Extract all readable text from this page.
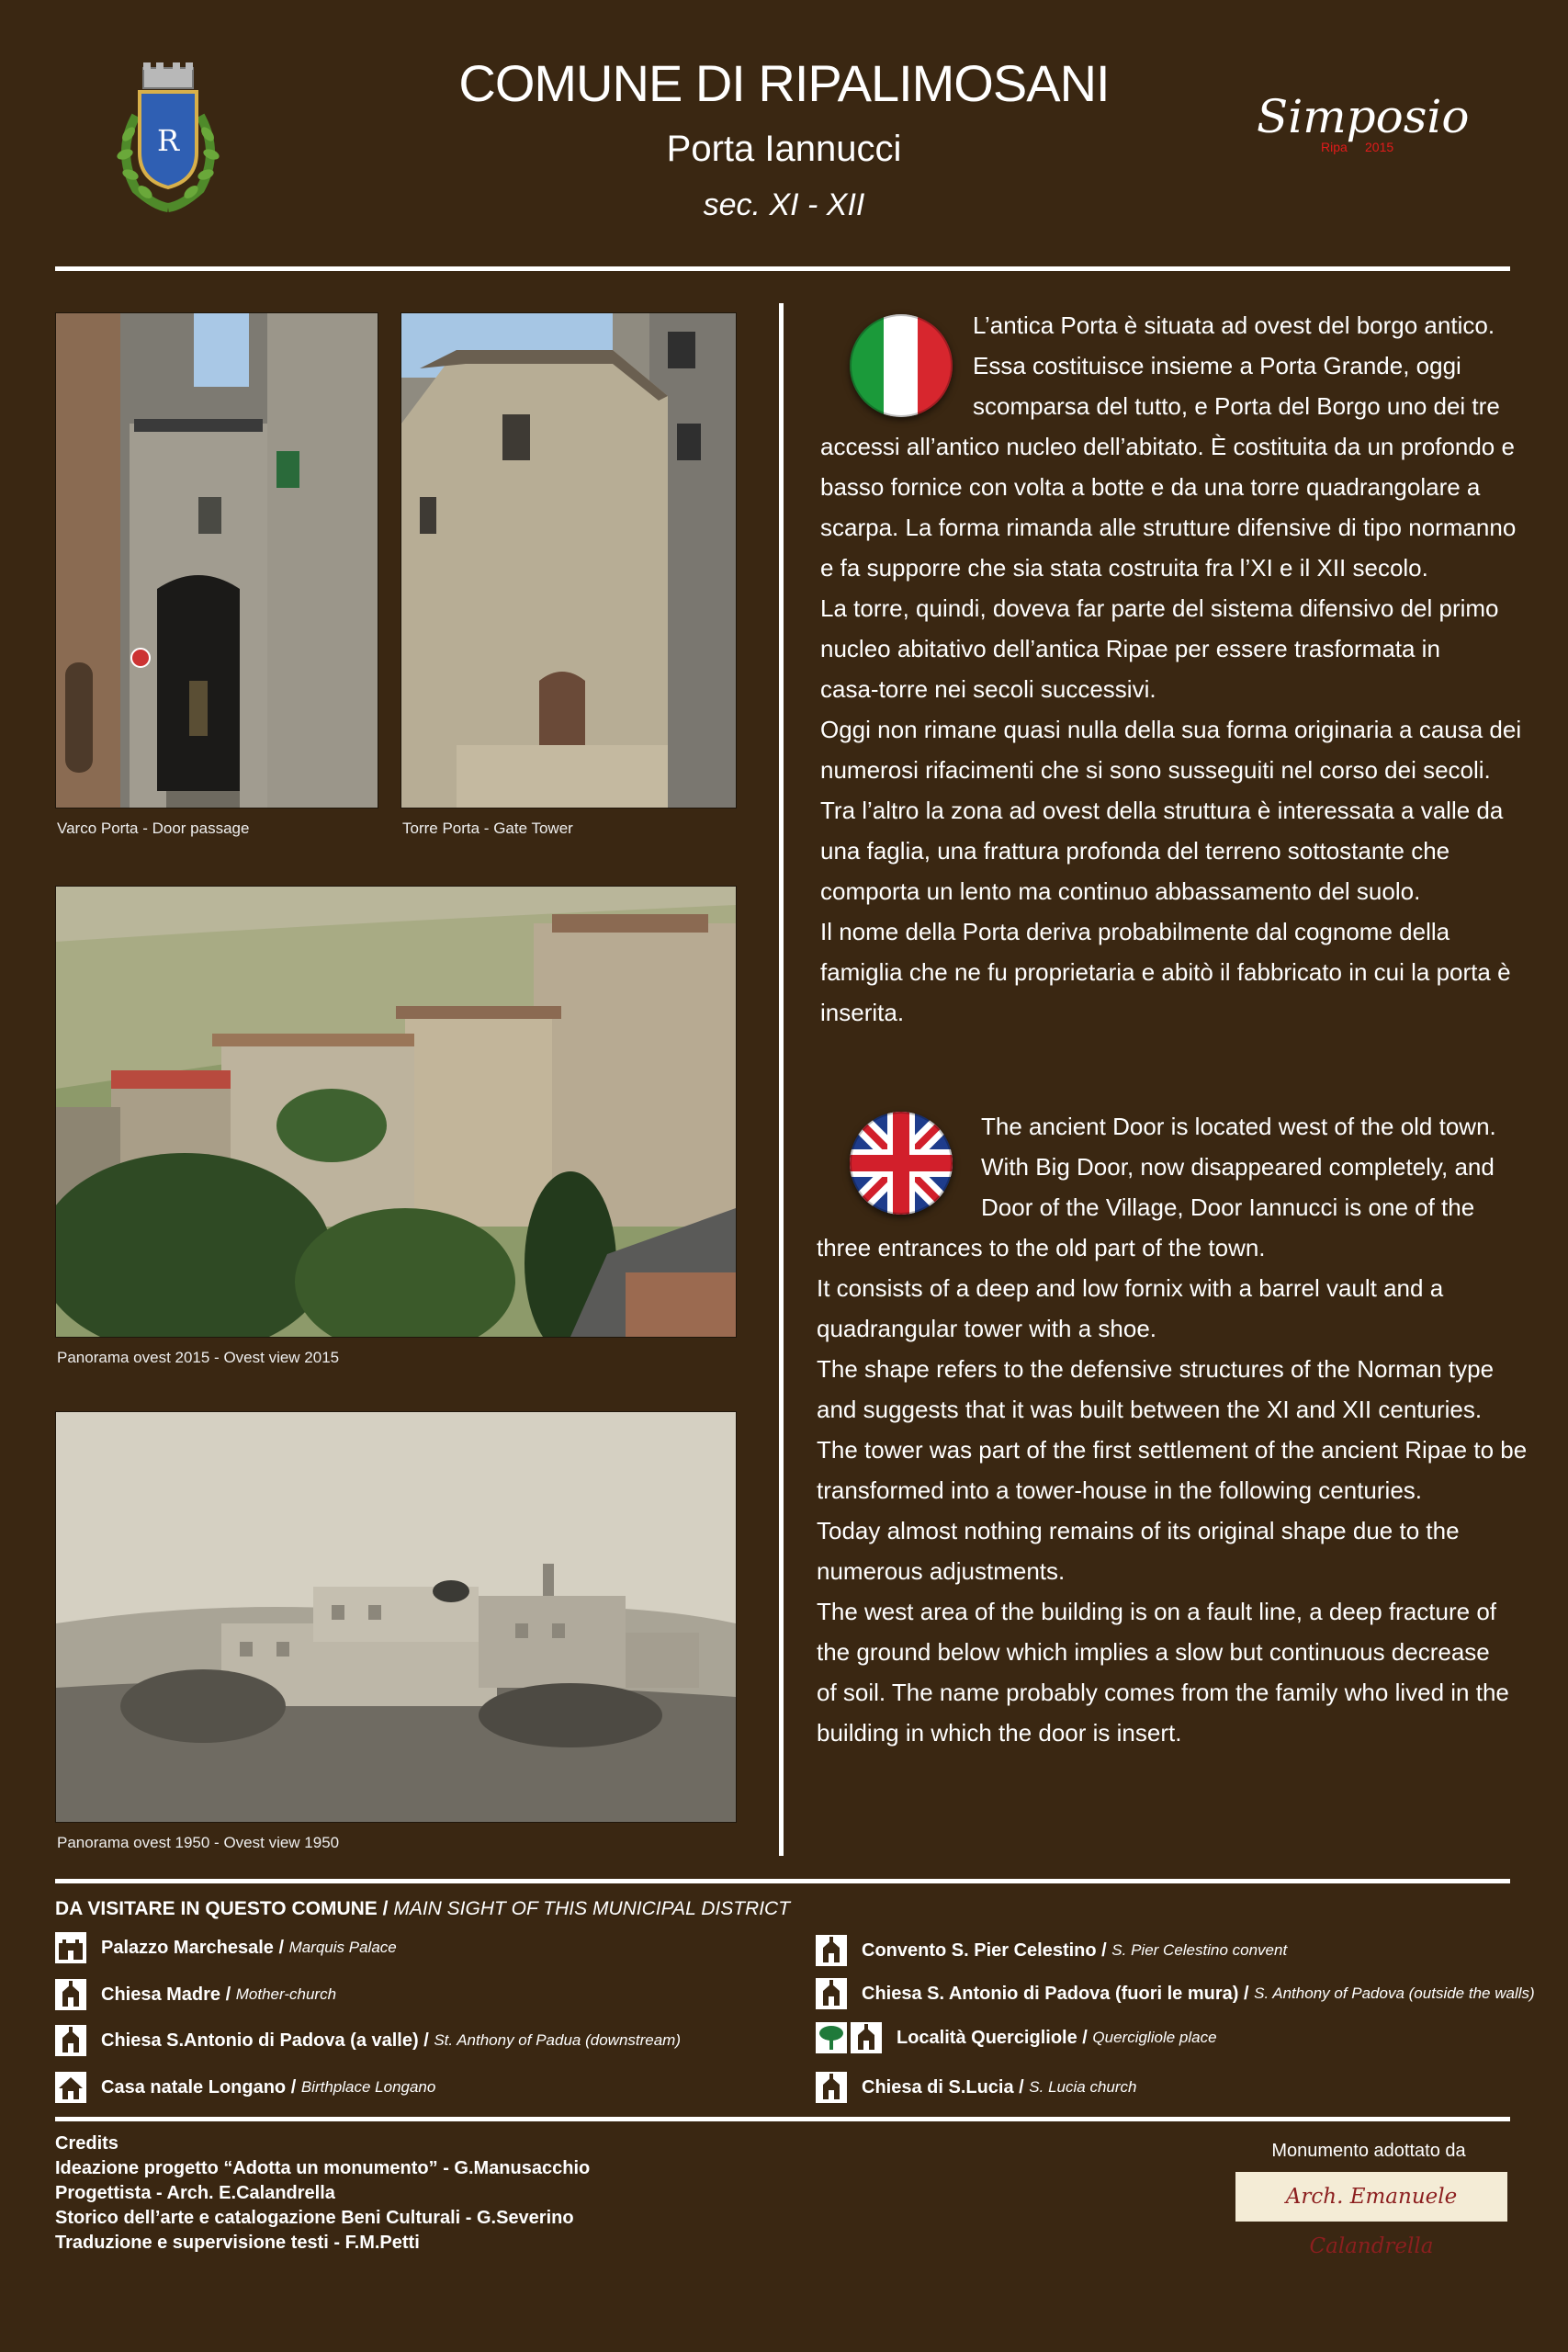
R
COMUNE DI RIPALIMOSANI
Porta Iannucci
sec. XI - XII
Simposio
Ripa 2015
Varco Porta - Door passage	Torre Porta - Gate Tower
Panorama ovest 2015 - Ovest view 2015
Panorama ovest 1950 - Ovest view 1950

L’antica Porta è situata ad ovest del borgo antico.

Essa costituisce insieme a Porta Grande, oggi

scomparsa del tutto, e Porta del Borgo uno dei tre

accessi all’antico nucleo dell’abitato. È costituita da un profondo e

basso fornice con volta a botte e da una torre quadrangolare a

scarpa. La forma rimanda alle strutture difensive di tipo normanno

e fa supporre che sia stata costruita fra l’XI e il XII secolo.

La torre, quindi, doveva far parte del sistema difensivo del primo

nucleo abitativo dell’antica Ripae per essere trasformata in

casa-torre nei secoli successivi.

Oggi non rimane quasi nulla della sua forma originaria a causa dei

numerosi rifacimenti che si sono susseguiti nel corso dei secoli.

Tra l’altro la zona ad ovest della struttura è interessata a valle da

una faglia, una frattura profonda del terreno sottostante che

comporta un lento ma continuo abbassamento del suolo.

Il nome della Porta deriva probabilmente dal cognome della

famiglia che ne fu proprietaria e abitò il fabbricato in cui la porta è

inserita.

The ancient Door is located west of the old town.

With Big Door, now disappeared completely, and

Door of the Village, Door Iannucci is one of the

three entrances to the old part of the town.

It consists of a deep and low fornix with a barrel vault and a

quadrangular tower with a shoe.

The shape refers to the defensive structures of the Norman type

and suggests that it was built between the XI and XII centuries.

The tower was part of the first settlement of the ancient Ripae to be

transformed into a tower-house in the following centuries.

Today almost nothing remains of its original shape due to the

numerous adjustments.

The west area of the building is on a fault line, a deep fracture of

the ground below which implies a slow but continuous decrease

of soil. The name probably comes from the family who lived in the

building in which the door is insert.

DA VISITARE IN QUESTO COMUNE / MAIN SIGHT OF THIS MUNICIPAL DISTRICT
Palazzo Marchesale
/
Marquis Palace
Chiesa Madre
/
Mother-church
Chiesa S.Antonio di Padova (a valle)
/
St. Anthony of Padua (downstream)
Casa natale Longano
/
Birthplace Longano
Convento S. Pier Celestino
/
S. Pier Celestino convent
Chiesa S. Antonio di Padova (fuori le mura)
/
S. Anthony of Padova (outside the walls)
Località Quercigliole
/
Quercigliole place
Chiesa di S.Lucia
/
S. Lucia church
Credits
Ideazione progetto “Adotta un monumento” - G.Manusacchio
Progettista - Arch. E.Calandrella
Storico dell’arte e catalogazione Beni Culturali - G.Severino
Traduzione e supervisione testi - F.M.Petti
Monumento adottato da
Arch. Emanuele Calandrella
